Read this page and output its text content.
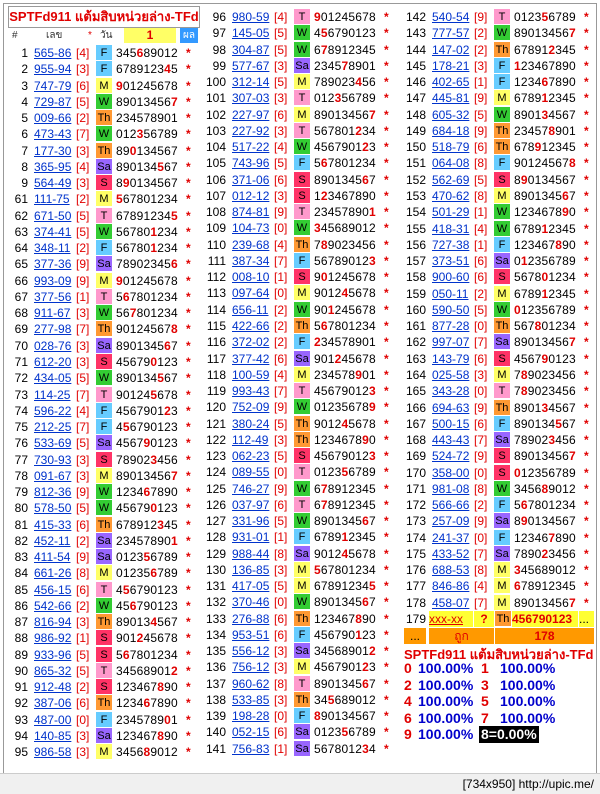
SPTFd911 แต้มสิบหน่วยล่าง-TFd
#	เลข	* วัน	1	ผล
1 565-86 [4]	F 345689012 *
2 955-94 [3]	F 678912345 *
3 747-79 [6] M 901245678 *
4 729-87 [5] W 890134567 *
5 009-66 [2] Th 234578901 *
6 473-43 [7] W 012356789 *
7 177-30 [3] Th 890134567 *
8 365-95 [4] Sa 890134567 *
9 564-49 [3] S 890134567 *
61 111-75 [2] M 567801234 *
62 671-50 [5]	T 678912345 *
63 374-41 [5] W 567801234 *
64 348-11 [2]	F 567801234 *
65 377-36 [9] Sa 789023456 *
66 993-09 [9] M 901245678 *
67 377-56 [1]	T 567801234 *
68 911-67 [3] W 567801234 *
69 277-98 [7] Th 901245678 *
70 028-76 [3] Sa 890134567 *
71 612-20 [3] S 456790123 *
72 434-05 [5] W 890134567 *
73 114-25 [7]	T 901245678 *
74 596-22 [4]	F 456790123 *
75 212-25 [7]	F 456790123 *
76 533-69 [5] Sa 456790123 *
77 730-93 [3] S 789023456 *
78 091-67 [3] M 890134567 *
79 812-36 [9] W 123467890 *
80 578-50 [5] W 456790123 *
81 415-33 [6] Th 678912345 *
82 452-11 [2] Sa 234578901 *
83 411-54 [9] Sa 012356789 *
84 661-26 [8] M 012356789 *
85 456-15 [6]	T 456790123 *
86 542-66 [2] W 456790123 *
87 816-94 [3] Th 890134567 *
88 986-92 [1] S 901245678 *
89 933-96 [5] S 567801234 *
90 865-32 [5]	T 345689012 *
91 912-48 [2] S 123467890 *
92 387-06 [6] Th 123467890 *
93 487-00 [0]	F 234578901 *
94 140-85 [3] Sa 123467890 *
95 986-58 [3] M 345689012 *
96 980-59 [4]	T 901245678 *
97 145-05 [5] W 456790123 *
98 304-87 [5] W 678912345 *
99 577-67 [3] Sa 234578901 *
100 312-14 [5] M 789023456 *
101 307-03 [3]	T 012356789 *
102 227-97 [6] M 890134567 *
103 227-92 [3]	T 567801234 *
104 517-22 [4] W 456790123 *
105 743-96 [5]	F 567801234 *
106 371-06 [6] S 890134567 *
107 012-12 [3] S 123467890 *
108 874-81 [9]	T 234578901 *
109 104-73 [0] W 345689012 *
110 239-68 [4] Th 789023456 *
111 387-34 [7]	F 567890123 *
112 008-10 [1] S 901245678 *
113 097-64 [0] M 901245678 *
114 656-11 [2] W 901245678 *
115 422-66 [2] Th 567801234 *
116 372-02 [2]	F 234578901 *
117 377-42 [6] Sa 901245678 *
118 100-59 [4] M 234578901 *
119 993-43 [7]	T 456790123 *
120 752-09 [9] W 012356789 *
121 380-24 [5] Th 901245678 *
122 112-49 [3] Th 123467890 *
123 062-23 [5] S 456790123 *
124 089-55 [0]	T 012356789 *
125 746-27 [9] W 678912345 *
126 037-97 [6]	T 678912345 *
127 331-96 [5] W 890134567 *
128 931-01 [1]	F 678912345 *
129 988-44 [8] Sa 901245678 *
130 136-85 [3] M 567801234 *
131 417-05 [5] M 678912345 *
132 370-46 [0] W 890134567 *
133 276-88 [6] Th 123467890 *
134 953-51 [6]	F 456790123 *
135 556-12 [3] Sa 345689012 *
136 756-12 [3] M 456790123 *
137 960-62 [8]	T 890134567 *
138 533-85 [3] Th 345689012 *
139 198-28 [0]	F 890134567 *
140 052-15 [6] Sa 012356789 *
141 756-83 [1] Sa 567801234 *
142 540-54 [9]	T 012356789 *
143 777-57 [2] W 890134567 *
144 147-02 [2] Th 678912345 *
145 178-21 [3]	F 123467890 *
146 402-65 [1]	F 123467890 *
147 445-81 [9] M 678912345 *
148 605-32 [5] W 890134567 *
149 684-18 [9] Th 234578901 *
150 518-79 [6] Th 678912345 *
151 064-08 [8]	F 901245678 *
152 562-69 [5] S 890134567 *
153 470-62 [8] M 890134567 *
154 501-29 [1] W 123467890 *
155 418-31 [4] W 678912345 *
156 727-38 [1]	F 123467890 *
157 373-51 [6] Sa 012356789 *
158 900-60 [6] S 567801234 *
159 050-11 [2] M 678912345 *
160 590-50 [5] W 012356789 *
161 877-28 [0] Th 567801234 *
162 997-07 [7] Sa 890134567 *
163 143-79 [6] S 456790123 *
164 025-58 [3] M 789023456 *
165 343-28 [0]	T 789023456 *
166 694-63 [9] Th 890134567 *
167 500-15 [6]	F 890134567 *
168 443-43 [7] Sa 789023456 *
169 524-72 [9] S 890134567 *
170 358-00 [0] S 012356789 *
171 981-08 [8] W 345689012 *
172 566-66 [2]	F 567801234 *
173 257-09 [9] Sa 890134567 *
174 241-37 [0]	F 123467890 *
175 433-52 [7] Sa 789023456 *
176 688-53 [8] M 345689012 *
177 846-86 [4] M 678912345 *
178 458-07 [7] M 890134567 *
179 xxx-xx	? Th 456790123 ...
...	ถูก	178
SPTFd911 แต้มสิบหน่วยล่าง-TFd
0 100.00% 1 100.00%
2 100.00% 3 100.00%
4 100.00% 5 100.00%
6 100.00% 7 100.00%
9 100.00% 8=0.00%
[734x950] http://upic.me/
